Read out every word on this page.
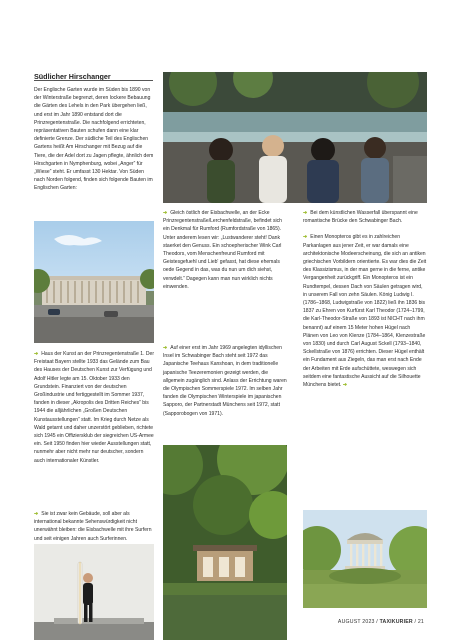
Südlicher Hirschanger

Der Englische Garten wurde im Süden bis 1890 von der Winterstraße begrenzt, deren lockere Bebauung die Gärten des Lehels in den Park übergehen ließ, und erst im Jahr 1890 entstand dort die Prinzregentenstraße. Die nachfolgend errichteten, repräsentativen Bauten schufen dann eine klar definierte Grenze. Der südliche Teil des Englischen Gartens heißt Am Hirschanger mit Bezug auf die Tiere, die der Adel dort zu Jagen pflegte, ähnlich dem Hirschgarten in Nymphenburg, wobei „Anger“ für „Wiese“ steht. Er umfasst 130 Hektar. Von Süden nach Norden folgend, finden sich folgende Bauten im Englischen Garten:

➔ Haus der Kunst an der Prinzregentenstraße 1. Der Freistaat Bayern stellte 1933 das Gelände zum Bau des Hauses der Deutschen Kunst zur Verfügung und Adolf Hitler legte am 15. Oktober 1933 den Grundstein. Finanziert von der deutschen Großindustrie und fertiggestellt im Sommer 1937, fanden in dieser „Akropolis des Dritten Reiches“ bis 1944 die alljährlichen „Großen Deutschen Kunstausstellungen“ statt. Im Krieg durch Netze als Wald getarnt und daher unzerstört geblieben, richtete sich 1945 ein Offiziersklub der siegreichen US-Armee ein. Seit 1950 finden hier wieder Ausstellungen statt, nunmehr aber nicht mehr nur deutscher, sondern auch internationaler Künstler.

➔ Sie ist zwar kein Gebäude, soll aber als international bekannte Sehenswürdigkeit nicht unerwähnt bleiben: die Eisbachwelle mit ihre Surfern und seit einigen Jahren auch Surferinnen.

➔ Gleich östlich der Eisbachwelle, an der Ecke Prinzregentenstraße/Lerchenfeldstraße, befindet sich ein Denkmal für Rumford (Rumfordstraße von 1865). Unter anderem lesen wir: „Lustwanderer steht! Dank staerket den Genuss. Ein schoepherischer Wink Carl Theodors, vom Menschenfreund Rumford mit Geistesgefuehl und Lieb' gefasst, hat diese ehemals oede Gegend in das, was du nun um dich siehst, verwdelt.“ Dagegen kann man nun wirklich nichts einwenden.

➔ Auf einer erst im Jahr 1969 angelegten idyllischen Insel im Schwabinger Bach steht seit 1972 das Japanische Teehaus Kanshoan, in dem traditionelle japanische Teezeremonien gezeigt werden, die allgemein zugänglich sind. Anlass der Errichtung waren die Olympischen Sommerspiele 1972. Im selben Jahr fanden die Olympischen Winterspiele im japanischen Sapporo, der Partnerstadt Münchens seit 1972, statt (Sapporobogen von 1971).

➔ Bei dem künstlichen Wasserfall überspannt eine romantische Brücke den Schwabinger Bach.

➔ Einen Monopteros gibt es in zahlreichen Parkanlagen aus jener Zeit, er war damals eine architektonische Modeerscheinung, die sich an antiken griechischen Vorbildern orientierte. Es war dies die Zeit des Klassizismus, in der man gerne in die ferne, antike Vergangenheit zurückgriff. Ein Monopteros ist ein Rundtempel, dessen Dach von Säulen getragen wird, in unserem Fall von zehn Säulen. König Ludwig I. (1786–1868, Ludwigstraße von 1822) ließ ihn 1836 bis 1837 zu Ehren von Kurfürst Karl Theodor (1724–1799, die Karl-Theodor-Straße von 1893 ist NICHT nach ihm benannt) auf einem 15 Meter hohen Hügel nach Plänen von Leo von Klenze (1784–1864, Klenzestraße von 1830) und durch Carl August Sckell (1793–1840, Sckellstraße von 1876) errichten. Dieser Hügel enthält ein Fundament aus Ziegeln, das man erst nach Ende der Arbeiten mit Erde aufschüttete, weswegen sich seitdem eine fantastische Aussicht auf die Silhouette Münchens bietet. ➔

AUGUST 2023 / TAXIKURIER / 21
